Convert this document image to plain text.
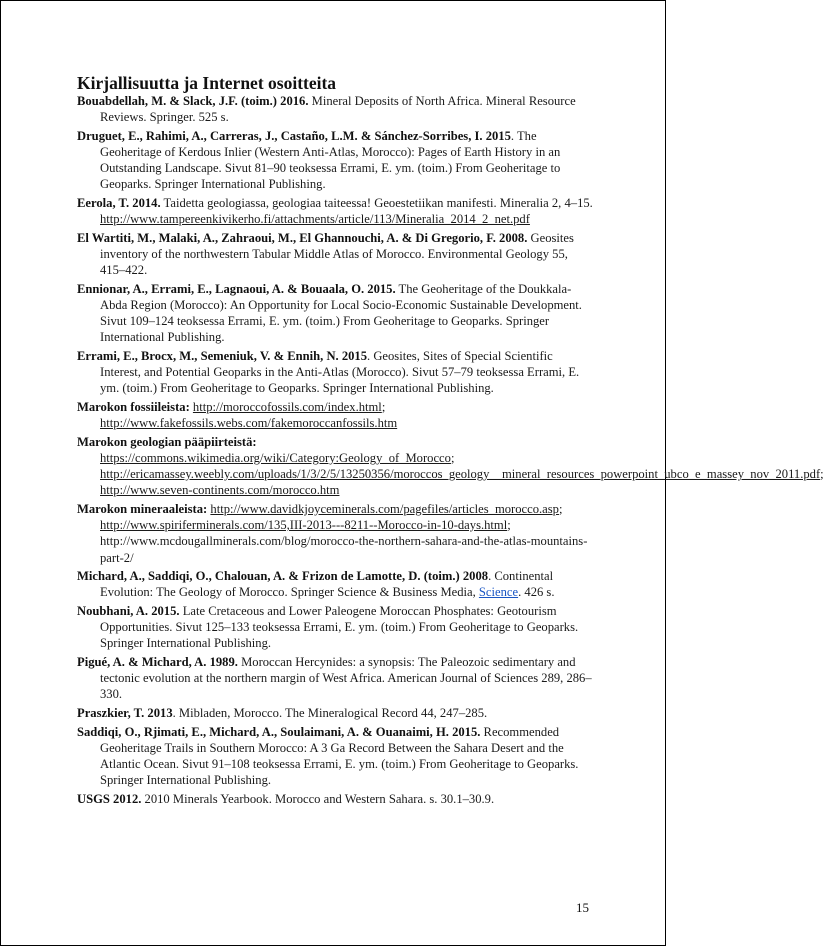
Kirjallisuutta ja Internet osoitteita

Bouabdellah, M. & Slack, J.F. (toim.) 2016. Mineral Deposits of North Africa. Mineral Resource Reviews. Springer. 525 s.

Druguet, E., Rahimi, A., Carreras, J., Castaño, L.M. & Sánchez-Sorribes, I. 2015. The Geoheritage of Kerdous Inlier (Western Anti-Atlas, Morocco): Pages of Earth History in an Outstanding Landscape. Sivut 81–90 teoksessa Errami, E. ym. (toim.) From Geoheritage to Geoparks. Springer International Publishing.

Eerola, T. 2014. Taidetta geologiassa, geologiaa taiteessa! Geoestetiikan manifesti. Mineralia 2, 4–15. http://www.tampereenkivikerho.fi/attachments/article/113/Mineralia_2014_2_net.pdf

El Wartiti, M., Malaki, A., Zahraoui, M., El Ghannouchi, A. & Di Gregorio, F. 2008. Geosites inventory of the northwestern Tabular Middle Atlas of Morocco. Environmental Geology 55, 415–422.

Ennionar, A., Errami, E., Lagnaoui, A. & Bouaala, O. 2015. The Geoheritage of the Doukkala-Abda Region (Morocco): An Opportunity for Local Socio-Economic Sustainable Development. Sivut 109–124 teoksessa Errami, E. ym. (toim.) From Geoheritage to Geoparks. Springer International Publishing.

Errami, E., Brocx, M., Semeniuk, V. & Ennih, N. 2015. Geosites, Sites of Special Scientific Interest, and Potential Geoparks in the Anti-Atlas (Morocco). Sivut 57–79 teoksessa Errami, E. ym. (toim.) From Geoheritage to Geoparks. Springer International Publishing.

Marokon fossiileista: http://moroccofossils.com/index.html; http://www.fakefossils.webs.com/fakemoroccanfossils.htm

Marokon geologian pääpiirteistä: https://commons.wikimedia.org/wiki/Category:Geology_of_Morocco; http://ericamassey.weebly.com/uploads/1/3/2/5/13250356/moroccos_geology__mineral_resources_powerpoint_ubco_e_massey_nov_2011.pdf; http://www.seven-continents.com/morocco.htm

Marokon mineraaleista: http://www.davidkjoyceminerals.com/pagefiles/articles_morocco.asp; http://www.spiriferminerals.com/135,III-2013---8211--Morocco-in-10-days.html; http://www.mcdougallminerals.com/blog/morocco-the-northern-sahara-and-the-atlas-mountains-part-2/

Michard, A., Saddiqi, O., Chalouan, A. & Frizon de Lamotte, D. (toim.) 2008. Continental Evolution: The Geology of Morocco. Springer Science & Business Media, Science. 426 s.

Noubhani, A. 2015. Late Cretaceous and Lower Paleogene Moroccan Phosphates: Geotourism Opportunities. Sivut 125–133 teoksessa Errami, E. ym. (toim.) From Geoheritage to Geoparks. Springer International Publishing.

Pigué, A. & Michard, A. 1989. Moroccan Hercynides: a synopsis: The Paleozoic sedimentary and tectonic evolution at the northern margin of West Africa. American Journal of Sciences 289, 286–330.

Praszkier, T. 2013. Mibladen, Morocco. The Mineralogical Record 44, 247–285.

Saddiqi, O., Rjimati, E., Michard, A., Soulaimani, A. & Ouanaimi, H. 2015. Recommended Geoheritage Trails in Southern Morocco: A 3 Ga Record Between the Sahara Desert and the Atlantic Ocean. Sivut 91–108 teoksessa Errami, E. ym. (toim.) From Geoheritage to Geoparks. Springer International Publishing.

USGS 2012. 2010 Minerals Yearbook. Morocco and Western Sahara. s. 30.1–30.9.

15
